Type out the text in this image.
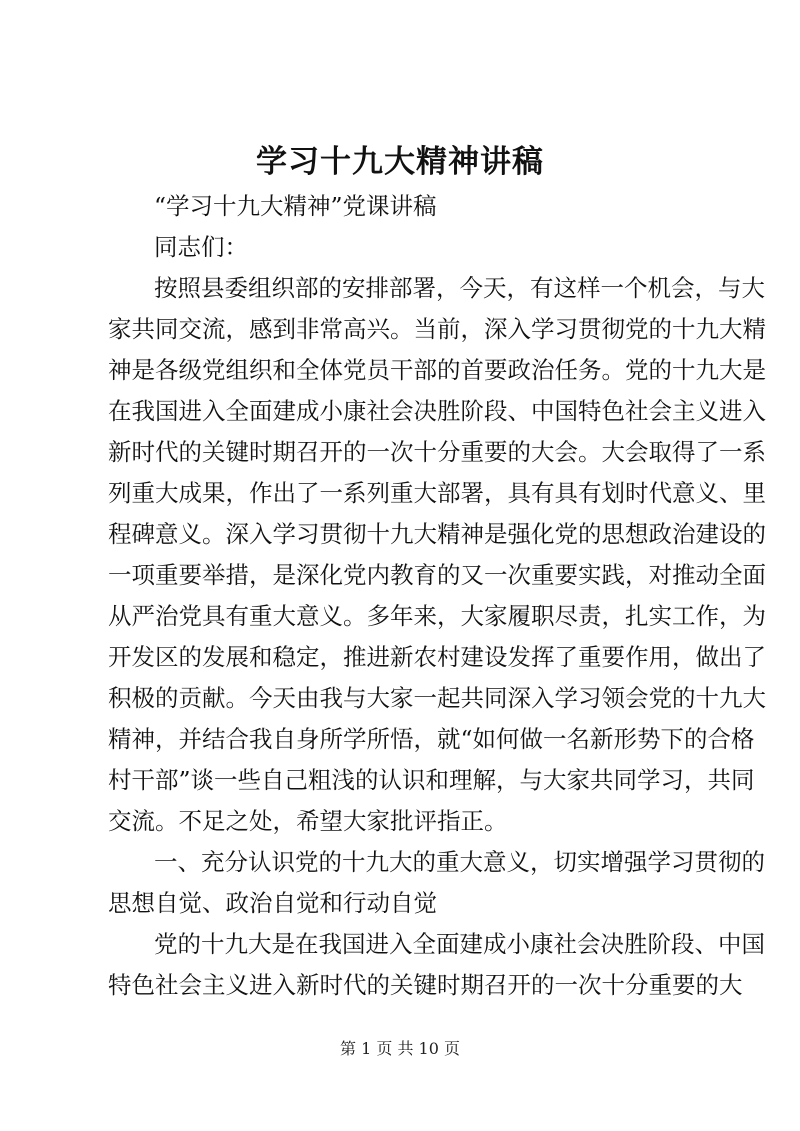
学习十九大精神讲稿
“学习十九大精神”党课讲稿
同志们：
按照县委组织部的安排部署，今天，有这样一个机会，与大
家共同交流，感到非常高兴。当前，深入学习贯彻党的十九大精
神是各级党组织和全体党员干部的首要政治任务。党的十九大是
在我国进入全面建成小康社会决胜阶段、中国特色社会主义进入
新时代的关键时期召开的一次十分重要的大会。大会取得了一系
列重大成果，作出了一系列重大部署，具有具有划时代意义、里
程碑意义。深入学习贯彻十九大精神是强化党的思想政治建设的
一项重要举措，是深化党内教育的又一次重要实践，对推动全面
从严治党具有重大意义。多年来，大家履职尽责，扎实工作，为
开发区的发展和稳定，推进新农村建设发挥了重要作用，做出了
积极的贡献。今天由我与大家一起共同深入学习领会党的十九大
精神，并结合我自身所学所悟，就“如何做一名新形势下的合格
村干部”谈一些自己粗浅的认识和理解，与大家共同学习，共同
交流。不足之处，希望大家批评指正。
一、充分认识党的十九大的重大意义，切实增强学习贯彻的
思想自觉、政治自觉和行动自觉
党的十九大是在我国进入全面建成小康社会决胜阶段、中国
特色社会主义进入新时代的关键时期召开的一次十分重要的大
第 1 页 共 10 页
